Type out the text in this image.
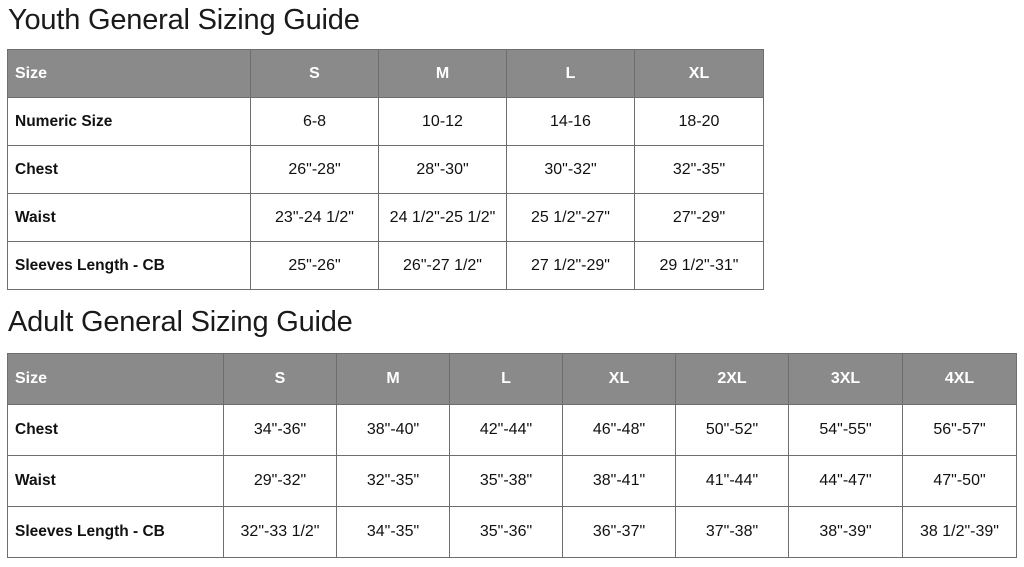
Youth General Sizing Guide
Size	S	M	L	XL
Numeric Size	6-8	10-12	14-16	18-20
Chest	26"-28"	28"-30"	30"-32"	32"-35"
Waist	23"-24 1/2"	24 1/2"-25 1/2"	25 1/2"-27"	27"-29"
Sleeves Length - CB	25"-26"	26"-27 1/2"	27 1/2"-29"	29 1/2"-31"
Adult General Sizing Guide
Size	S	M	L	XL	2XL	3XL	4XL
Chest	34"-36"	38"-40"	42"-44"	46"-48"	50"-52"	54"-55"	56"-57"
Waist	29"-32"	32"-35"	35"-38"	38"-41"	41"-44"	44"-47"	47"-50"
Sleeves Length - CB	32"-33 1/2"	34"-35"	35"-36"	36"-37"	37"-38"	38"-39"	38 1/2"-39"
